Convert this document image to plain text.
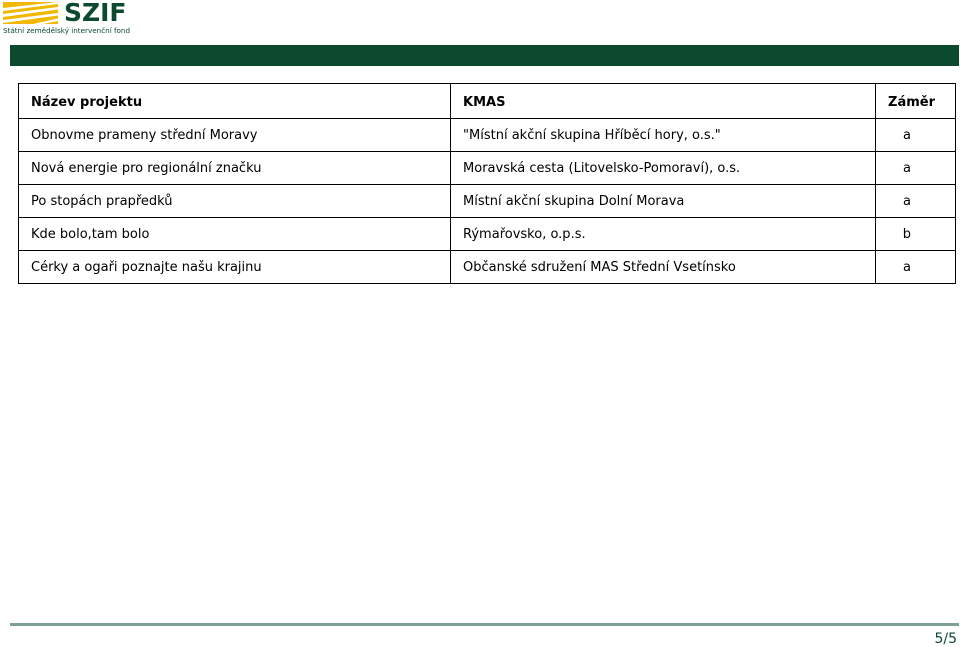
SZIF
Státní zemědělský intervenční fond
Název projektu	KMAS	Záměr
Obnovme prameny střední Moravy	"Místní akční skupina Hříběcí hory, o.s."	a
Nová energie pro regionální značku	Moravská cesta (Litovelsko-Pomoraví), o.s.	a
Po stopách prapředků	Místní akční skupina Dolní Morava	a
Kde bolo,tam bolo	Rýmařovsko, o.p.s.	b
Cérky a ogaři poznajte našu krajinu	Občanské sdružení MAS Střední Vsetínsko	a
5/5
